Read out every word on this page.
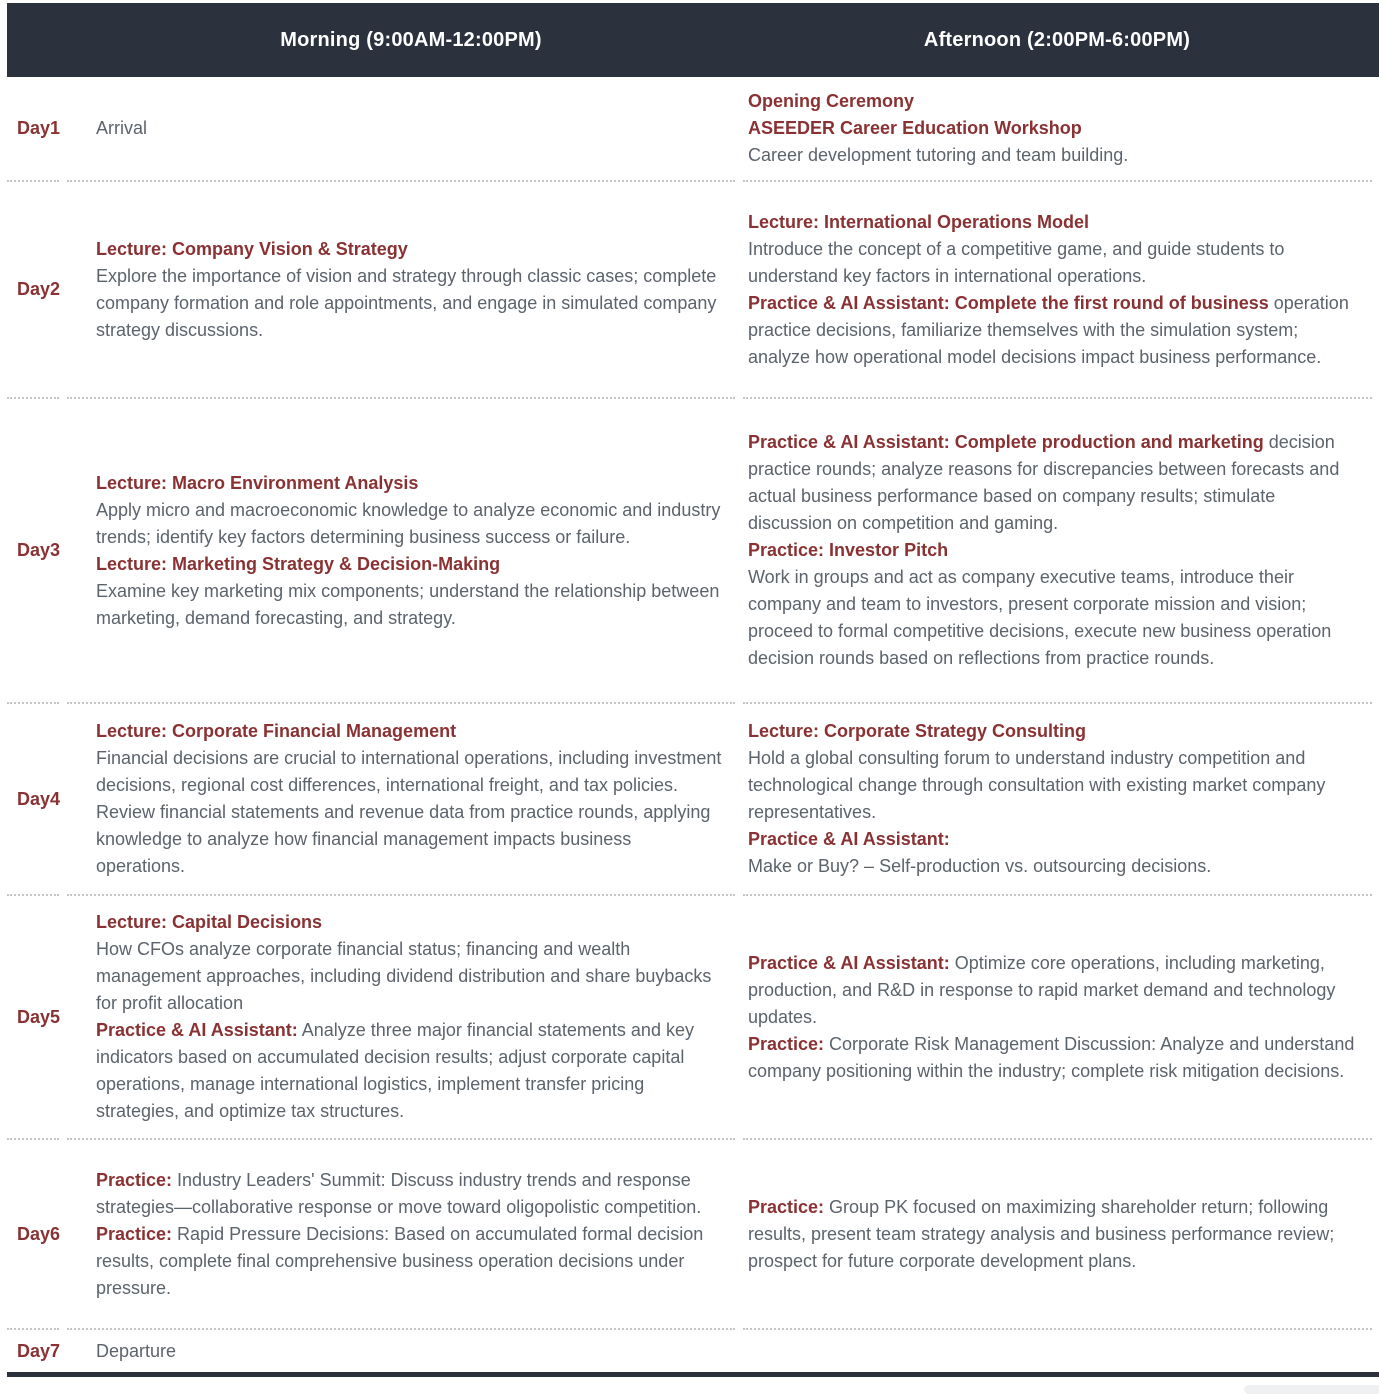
Morning (9:00AM-12:00PM)	Afternoon (2:00PM-6:00PM)
Day1 Arrival

Opening Ceremony

ASEEDER Career Education Workshop

Career development tutoring and team building.

Day2

Lecture: Company Vision & Strategy

Explore the importance of vision and strategy through classic cases; complete company formation and role appointments, and engage in simulated company strategy discussions.

Lecture: International Operations Model

Introduce the concept of a competitive game, and guide students to understand key factors in international operations.

Practice & AI Assistant: Complete the first round of business operation practice decisions, familiarize themselves with the simulation system; analyze how operational model decisions impact business performance.

Day3

Lecture: Macro Environment Analysis

Apply micro and macroeconomic knowledge to analyze economic and industry trends; identify key factors determining business success or failure.

Lecture: Marketing Strategy & Decision-Making

Examine key marketing mix components; understand the relationship between marketing, demand forecasting, and strategy.

Practice & AI Assistant: Complete production and marketing decision practice rounds; analyze reasons for discrepancies between forecasts and actual business performance based on company results; stimulate discussion on competition and gaming.

Practice: Investor Pitch

Work in groups and act as company executive teams, introduce their company and team to investors, present corporate mission and vision; proceed to formal competitive decisions, execute new business operation decision rounds based on reflections from practice rounds.

Day4

Lecture: Corporate Financial Management

Financial decisions are crucial to international operations, including investment decisions, regional cost differences, international freight, and tax policies. Review financial statements and revenue data from practice rounds, applying knowledge to analyze how financial management impacts business operations.

Lecture: Corporate Strategy Consulting

Hold a global consulting forum to understand industry competition and technological change through consultation with existing market company representatives.

Practice & AI Assistant:

Make or Buy? – Self-production vs. outsourcing decisions.

Day5

Lecture: Capital Decisions

How CFOs analyze corporate financial status; financing and wealth management approaches, including dividend distribution and share buybacks for profit allocation

Practice & AI Assistant: Analyze three major financial statements and key indicators based on accumulated decision results; adjust corporate capital operations, manage international logistics, implement transfer pricing strategies, and optimize tax structures.

Practice & AI Assistant: Optimize core operations, including marketing, production, and R&D in response to rapid market demand and technology updates.

Practice: Corporate Risk Management Discussion: Analyze and understand company positioning within the industry; complete risk mitigation decisions.

Day6

Practice: Industry Leaders' Summit: Discuss industry trends and response strategies—collaborative response or move toward oligopolistic competition.

Practice: Rapid Pressure Decisions: Based on accumulated formal decision results, complete final comprehensive business operation decisions under pressure.

Practice: Group PK focused on maximizing shareholder return; following results, present team strategy analysis and business performance review; prospect for future corporate development plans.

Day7 Departure
